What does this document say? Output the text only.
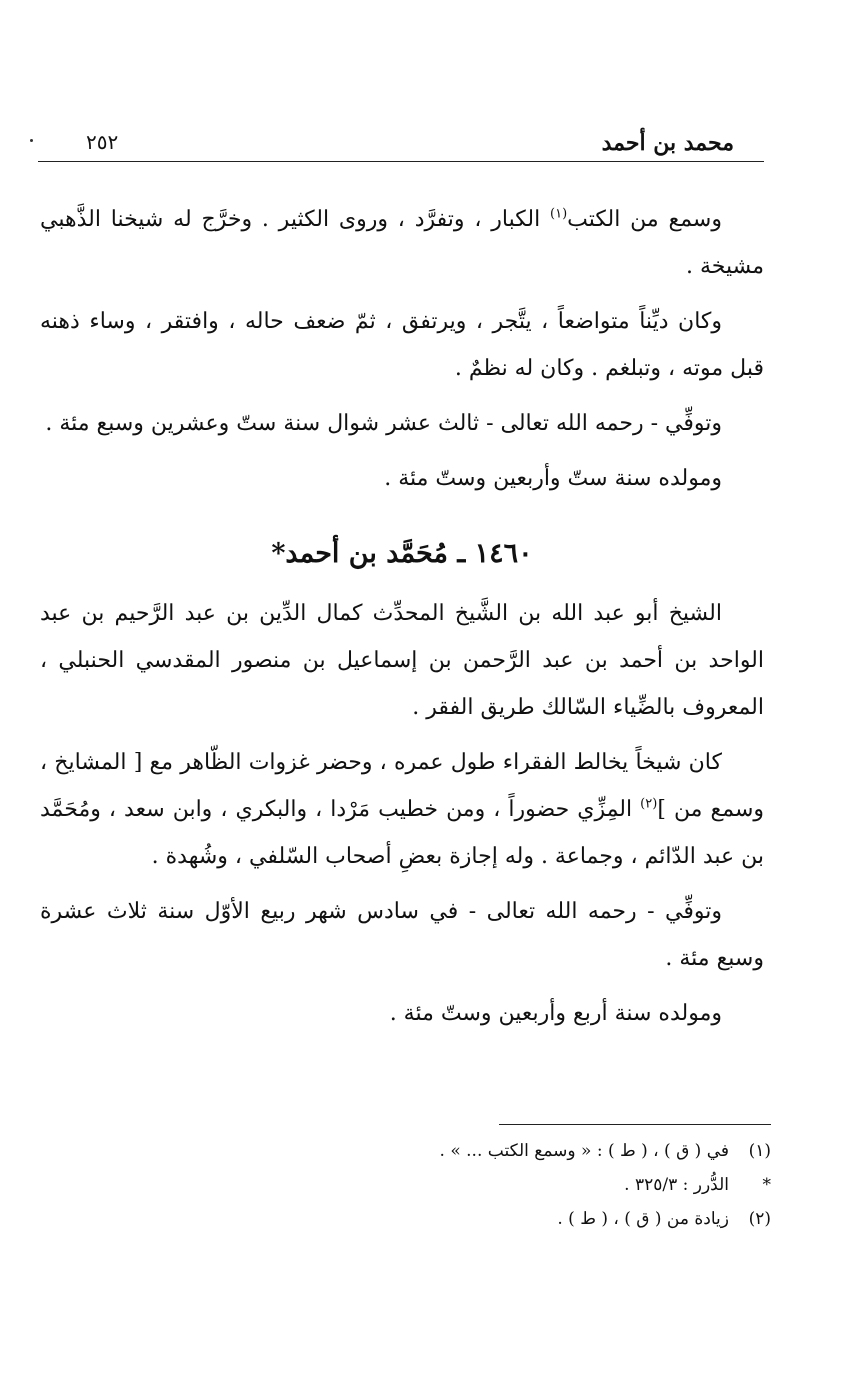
محمد بن أحمد
٢٥٢

وسمع من الكتب$^{(١)}$ الكبار ، وتفرَّد ، وروى الكثير . وخرَّج له شيخنا الذَّهبي مشيخة .

وكان ديِّناً متواضعاً ، يتَّجر ، ويرتفق ، ثمّ ضعف حاله ، وافتقر ، وساء ذهنه قبل موته ، وتبلغم . وكان له نظمٌ .

وتوفِّي - رحمه الله تعالى - ثالث عشر شوال سنة ستّ وعشرين وسبع مئة .

ومولده سنة ستّ وأربعين وستّ مئة .

١٤٦٠ ـ مُحَمَّد بن أحمد*

الشيخ أبو عبد الله بن الشَّيخ المحدِّث كمال الدِّين بن عبد الرَّحيم بن عبد الواحد بن أحمد بن عبد الرَّحمن بن إسماعيل بن منصور المقدسي الحنبلي ، المعروف بالضِّياء السّالك طريق الفقر .

كان شيخاً يخالط الفقراء طول عمره ، وحضر غزوات الظّاهر مع [ المشايخ ، وسمع من ]$^{(٢)}$ المِزِّي حضوراً ، ومن خطيب مَرْدا ، والبكري ، وابن سعد ، ومُحَمَّد بن عبد الدّائم ، وجماعة . وله إجازة بعضِ أصحاب السّلفي ، وشُهدة .

وتوفِّي - رحمه الله تعالى - في سادس شهر ربيع الأوّل سنة ثلاث عشرة وسبع مئة .

ومولده سنة أربع وأربعين وستّ مئة .

(١)
في ( ق ) ، ( ط ) : « وسمع الكتب ... » .
*
الدُّرر : ٣٢٥/٣ .
(٢)
زيادة من ( ق ) ، ( ط ) .
